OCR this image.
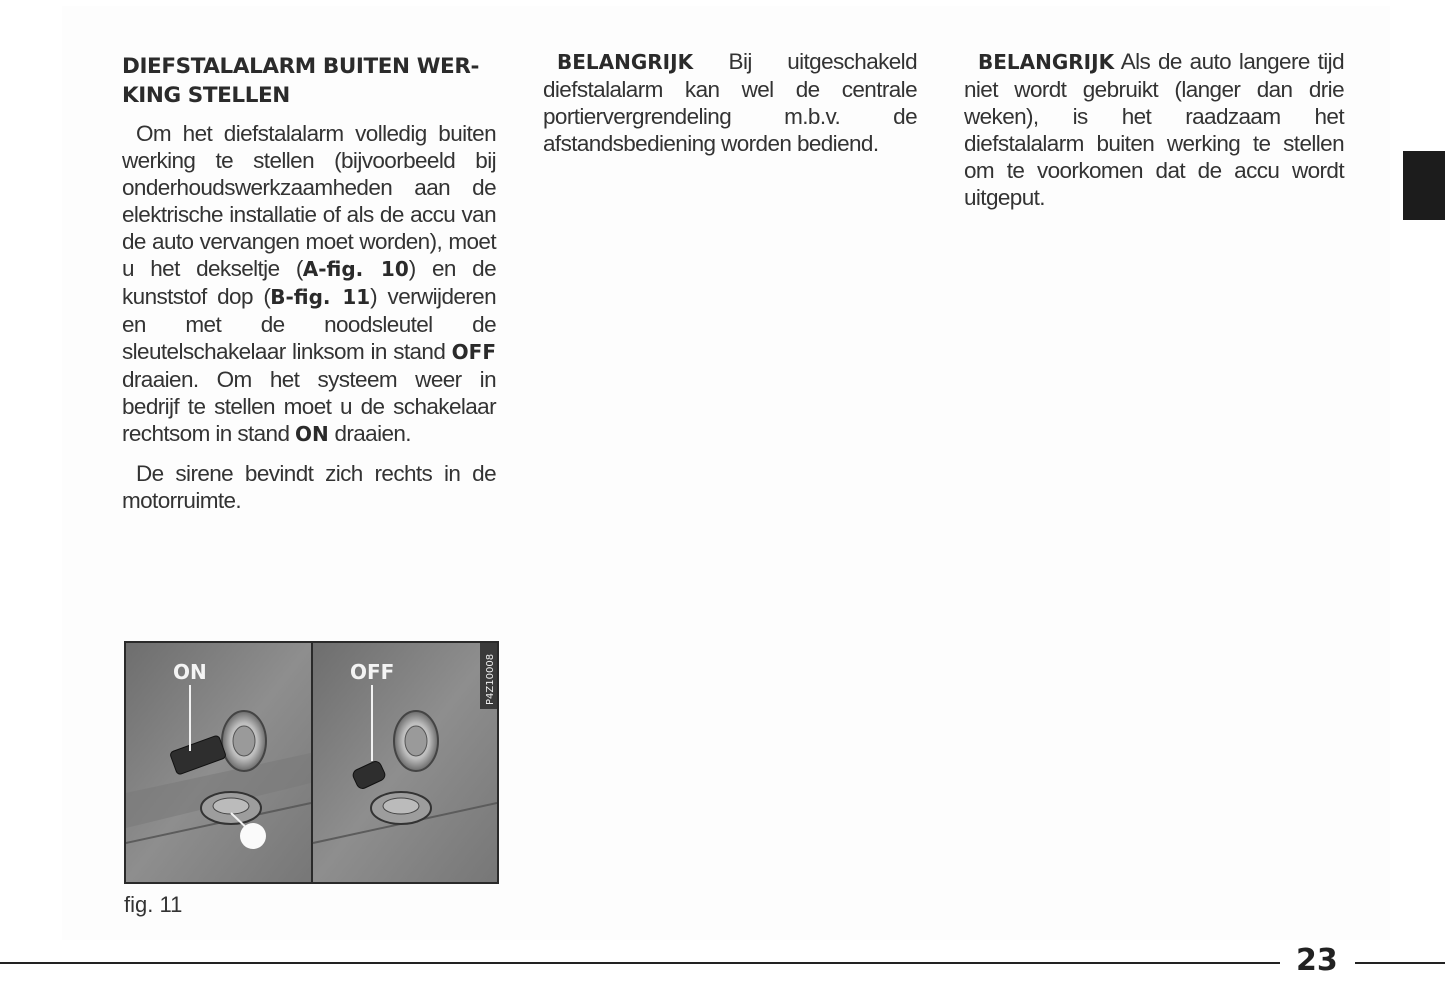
DIEFSTALALARM BUITEN WER-KING STELLEN

Om het diefstalalarm volledig buiten werking te stellen (bijvoorbeeld bij onderhoudswerkzaamheden aan de elektrische installatie of als de accu van de auto vervangen moet worden), moet u het dekseltje (A-fig. 10) en de kunststof dop (B-fig. 11) verwijderen en met de noodsleutel de sleutelschakelaar linksom in stand OFF draaien. Om het systeem weer in bedrijf te stellen moet u de schakelaar rechtsom in stand ON draaien.

De sirene bevindt zich rechts in de motorruimte.

BELANGRIJK Bij uitgeschakeld diefstalalarm kan wel de centrale portiervergrendeling m.b.v. de afstandsbediening worden bediend.

BELANGRIJK Als de auto langere tijd niet wordt gebruikt (langer dan drie weken), is het raadzaam het diefstalalarm buiten werking te stellen om te voorkomen dat de accu wordt uitgeput.

ON	OFF	P4Z10008
fig. 11
23
